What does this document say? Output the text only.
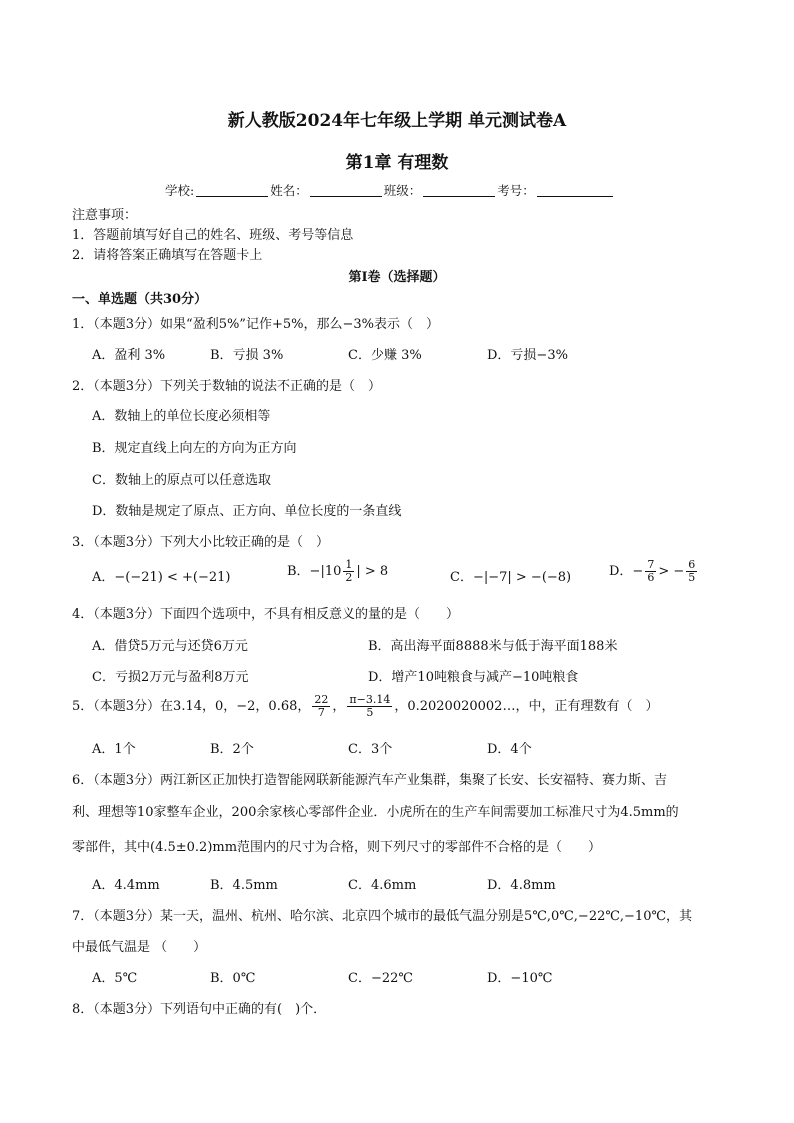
新人教版2024年七年级上学期 单元测试卷A
第1章 有理数
学校:	姓名：	班级：	考号：
注意事项：
1．答题前填写好自己的姓名、班级、考号等信息
2．请将答案正确填写在答题卡上
第I卷（选择题）
一、单选题（共30分）
1．（本题3分）如果“盈利5%”记作+5%，那么−3%表示（　）
A．盈利 3%	B．亏损 3%	C．少赚 3%	D．亏损−3%
2．（本题3分）下列关于数轴的说法不正确的是（　）
A．数轴上的单位长度必须相等
B．规定直线上向左的方向为正方向
C．数轴上的原点可以任意选取
D．数轴是规定了原点、正方向、单位长度的一条直线
3．（本题3分）下列大小比较正确的是（　）
A．−(−21) < +(−21)	B．$-|10 \frac{1}{2}$ | > 8	C．−|−7| > −(−8)	D．− $\frac{7}{6}$ > − $\frac{6}{5}$
4．（本题3分）下面四个选项中，不具有相反意义的量的是（　　）
A．借贷5万元与还贷6万元	B．高出海平面8888米与低于海平面188米
C．亏损2万元与盈利8万元	D．增产10吨粮食与减产−10吨粮食
5．（本题3分）在3.14，0，−2，0.6̇8̇， $\frac{22}{7}$ ， $\frac{\pi-3.14}{5}$ ，0.2020020002…，中，正有理数有（　）
A．1个	B．2个	C．3个	D．4个
6．（本题3分）两江新区正加快打造智能网联新能源汽车产业集群，集聚了长安、长安福特、赛力斯、吉
利、理想等10家整车企业，200余家核心零部件企业．小虎所在的生产车间需要加工标准尺寸为4.5mm的
零部件，其中(4.5±0.2)mm范围内的尺寸为合格，则下列尺寸的零部件不合格的是（　　）
A．4.4mm	B．4.5mm	C．4.6mm	D．4.8mm
7．（本题3分）某一天，温州、杭州、哈尔滨、北京四个城市的最低气温分别是5℃,0℃,−22℃,−10℃，其
中最低气温是 （　　）
A．5℃	B．0℃	C．−22℃	D．−10℃
8．（本题3分）下列语句中正确的有(　)个．
